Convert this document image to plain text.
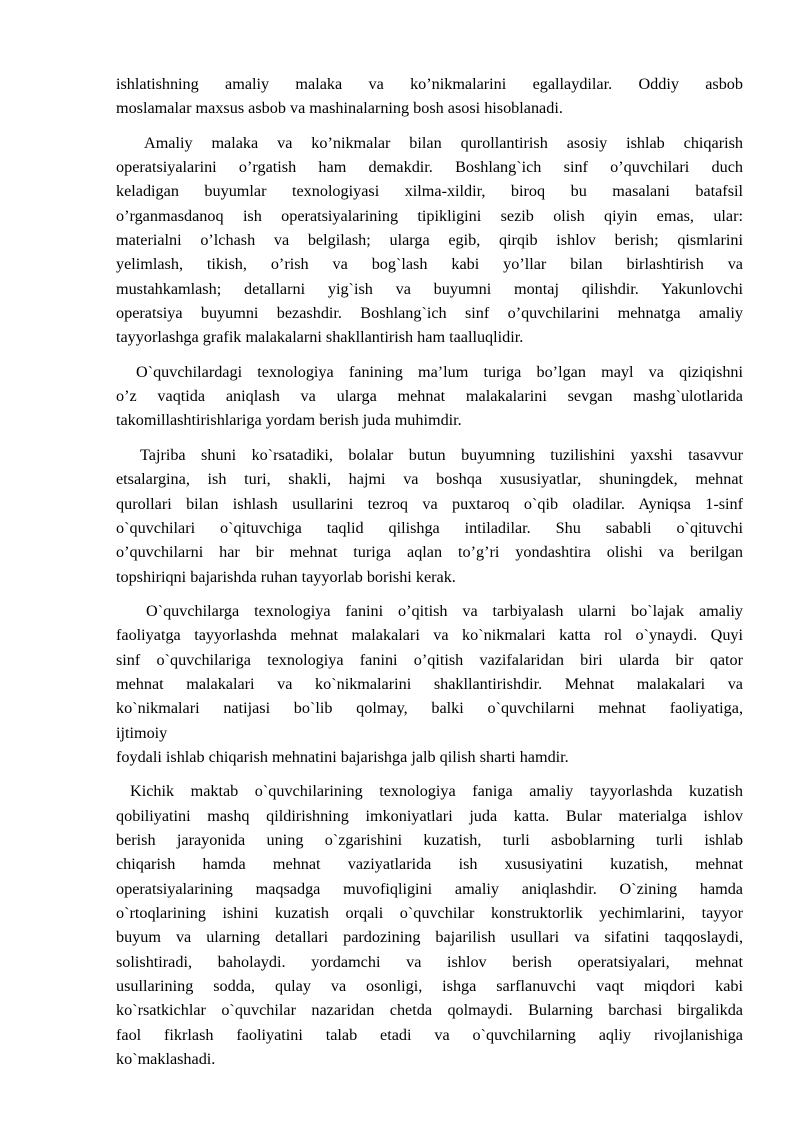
ishlatishning amaliy malaka va ko’nikmalarini egallaydilar. Oddiy asbob
moslamalar maxsus asbob va mashinalarning bosh asosi hisoblanadi.
Amaliy malaka va ko’nikmalar bilan qurollantirish asosiy ishlab chiqarish
operatsiyalarini o’rgatish ham demakdir. Boshlang`ich sinf o’quvchilari duch
keladigan buyumlar texnologiyasi xilma-xildir, biroq bu masalani batafsil
o’rganmasdanoq ish operatsiyalarining tipikligini sezib olish qiyin emas, ular:
materialni o’lchash va belgilash; ularga egib, qirqib ishlov berish; qismlarini
yelimlash, tikish, o’rish va bog`lash kabi yo’llar bilan birlashtirish va
mustahkamlash; detallarni yig`ish va buyumni montaj qilishdir. Yakunlovchi
operatsiya buyumni bezashdir. Boshlang`ich sinf o’quvchilarini mehnatga amaliy
tayyorlashga grafik malakalarni shakllantirish ham taalluqlidir.
O`quvchilardagi texnologiya fanining ma’lum turiga bo’lgan mayl va qiziqishni
o’z vaqtida aniqlash va ularga mehnat malakalarini sevgan mashg`ulotlarida
takomillashtirishlariga yordam berish juda muhimdir.
Tajriba shuni ko`rsatadiki, bolalar butun buyumning tuzilishini yaxshi tasavvur
etsalargina, ish turi, shakli, hajmi va boshqa xususiyatlar, shuningdek, mehnat
qurollari bilan ishlash usullarini tezroq va puxtaroq o`qib oladilar. Ayniqsa 1-sinf
o`quvchilari o`qituvchiga taqlid qilishga intiladilar. Shu sababli o`qituvchi
o’quvchilarni har bir mehnat turiga aqlan to’g’ri yondashtira olishi va berilgan
topshiriqni bajarishda ruhan tayyorlab borishi kerak.
O`quvchilarga texnologiya fanini o’qitish va tarbiyalash ularni bo`lajak amaliy
faoliyatga tayyorlashda mehnat malakalari va ko`nikmalari katta rol o`ynaydi. Quyi
sinf o`quvchilariga texnologiya fanini o’qitish vazifalaridan biri ularda bir qator
mehnat malakalari va ko`nikmalarini shakllantirishdir. Mehnat malakalari va
ko`nikmalari natijasi bo`lib qolmay, balki o`quvchilarni mehnat faoliyatiga,
ijtimoiy
foydali ishlab chiqarish mehnatini bajarishga jalb qilish sharti hamdir.
Kichik maktab o`quvchilarining texnologiya faniga amaliy tayyorlashda kuzatish
qobiliyatini mashq qildirishning imkoniyatlari juda katta. Bular materialga ishlov
berish jarayonida uning o`zgarishini kuzatish, turli asboblarning turli ishlab
chiqarish hamda mehnat vaziyatlarida ish xususiyatini kuzatish, mehnat
operatsiyalarining maqsadga muvofiqligini amaliy aniqlashdir. O`zining hamda
o`rtoqlarining ishini kuzatish orqali o`quvchilar konstruktorlik yechimlarini, tayyor
buyum va ularning detallari pardozining bajarilish usullari va sifatini taqqoslaydi,
solishtiradi, baholaydi. yordamchi va ishlov berish operatsiyalari, mehnat
usullarining sodda, qulay va osonligi, ishga sarflanuvchi vaqt miqdori kabi
ko`rsatkichlar o`quvchilar nazaridan chetda qolmaydi. Bularning barchasi birgalikda
faol fikrlash faoliyatini talab etadi va o`quvchilarning aqliy rivojlanishiga
ko`maklashadi.
